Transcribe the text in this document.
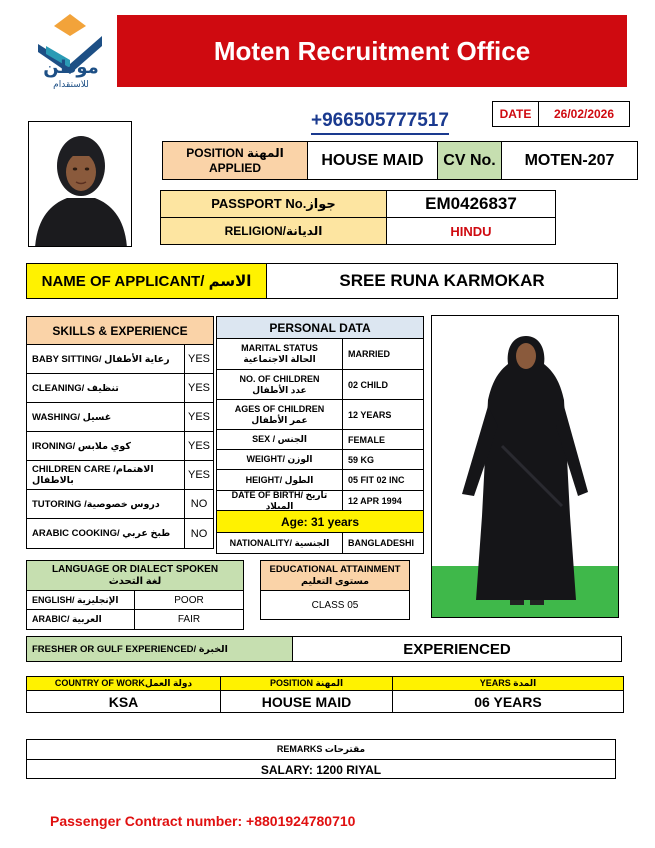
موطن
للاستقدام
Moten Recruitment Office
+966505777517	DATE	26/02/2026
POSITION المهنة APPLIED	HOUSE MAID	CV No.	MOTEN-207
PASSPORT No.جواز	EM0426837
RELIGION/الديانة	HINDU
NAME OF APPLICANT/ الاسم	SREE RUNA KARMOKAR
SKILLS & EXPERIENCE
BABY SITTING/ رعاية الأطفال	YES
CLEANING/ تنظيف	YES
WASHING/ غسيل	YES
IRONING/ كوي ملابس	YES
CHILDREN CARE /الاهتمام بالاطفال	YES
TUTORING /دروس خصوصية	NO
ARABIC COOKING/ طبخ عربي	NO
PERSONAL DATA
MARITAL STATUS
الحالة الاجتماعية	MARRIED
NO. OF CHILDREN
عدد الأطفال	02 CHILD
AGES OF CHILDREN
عمر الأطفال	12 YEARS
SEX / الجنس	FEMALE
WEIGHT/ الوزن	59 KG
HEIGHT/ الطول	05 FIT 02 INC
DATE OF BIRTH/ تاريخ الميلاد	12 APR 1994
Age: 31 years
NATIONALITY/ الجنسية	BANGLADESHI
LANGUAGE OR DIALECT SPOKEN
لغة التحدث
ENGLISH/ الإنجليزية	POOR
ARABIC/ العربية	FAIR
EDUCATIONAL ATTAINMENT
مستوى التعليم
CLASS 05
FRESHER OR GULF EXPERIENCED/ الخبرة	EXPERIENCED
COUNTRY OF WORKدولة العمل	POSITION المهنة	YEARS المدة
KSA	HOUSE MAID	06 YEARS
REMARKS مقترحات
SALARY: 1200 RIYAL
Passenger Contract number: +8801924780710
